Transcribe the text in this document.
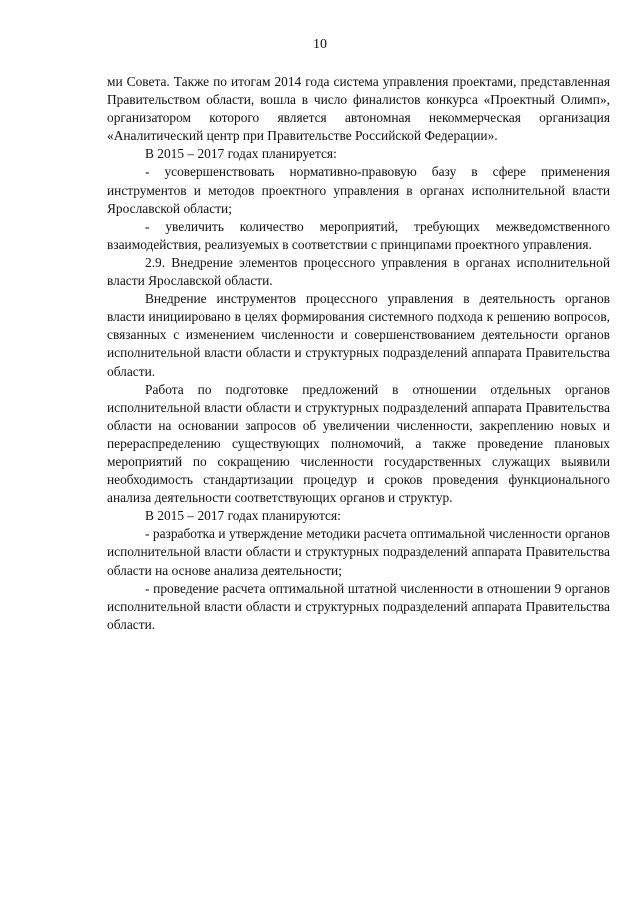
10

ми Совета. Также по итогам 2014 года система управления проектами, представленная Правительством области, вошла в число финалистов конкурса «Проектный Олимп», организатором которого является автономная некоммерческая организация «Аналитический центр при Правительстве Российской Федерации».

В 2015 – 2017 годах планируется:

- усовершенствовать нормативно-правовую базу в сфере применения инструментов и методов проектного управления в органах исполнительной власти Ярославской области;

- увеличить количество мероприятий, требующих межведомственного взаимодействия, реализуемых в соответствии с принципами проектного управления.

2.9. Внедрение элементов процессного управления в органах исполнительной власти Ярославской области.

Внедрение инструментов процессного управления в деятельность органов власти инициировано в целях формирования системного подхода к решению вопросов, связанных с изменением численности и совершенствованием деятельности органов исполнительной власти области и структурных подразделений аппарата Правительства области.

Работа по подготовке предложений в отношении отдельных органов исполнительной власти области и структурных подразделений аппарата Правительства области на основании запросов об увеличении численности, закреплению новых и перераспределению существующих полномочий, а также проведение плановых мероприятий по сокращению численности государственных служащих выявили необходимость стандартизации процедур и сроков проведения функционального анализа деятельности соответствующих органов и структур.

В 2015 – 2017 годах планируются:

- разработка и утверждение методики расчета оптимальной численности органов исполнительной власти области и структурных подразделений аппарата Правительства области на основе анализа деятельности;

- проведение расчета оптимальной штатной численности в отношении 9 органов исполнительной власти области и структурных подразделений аппарата Правительства области.
